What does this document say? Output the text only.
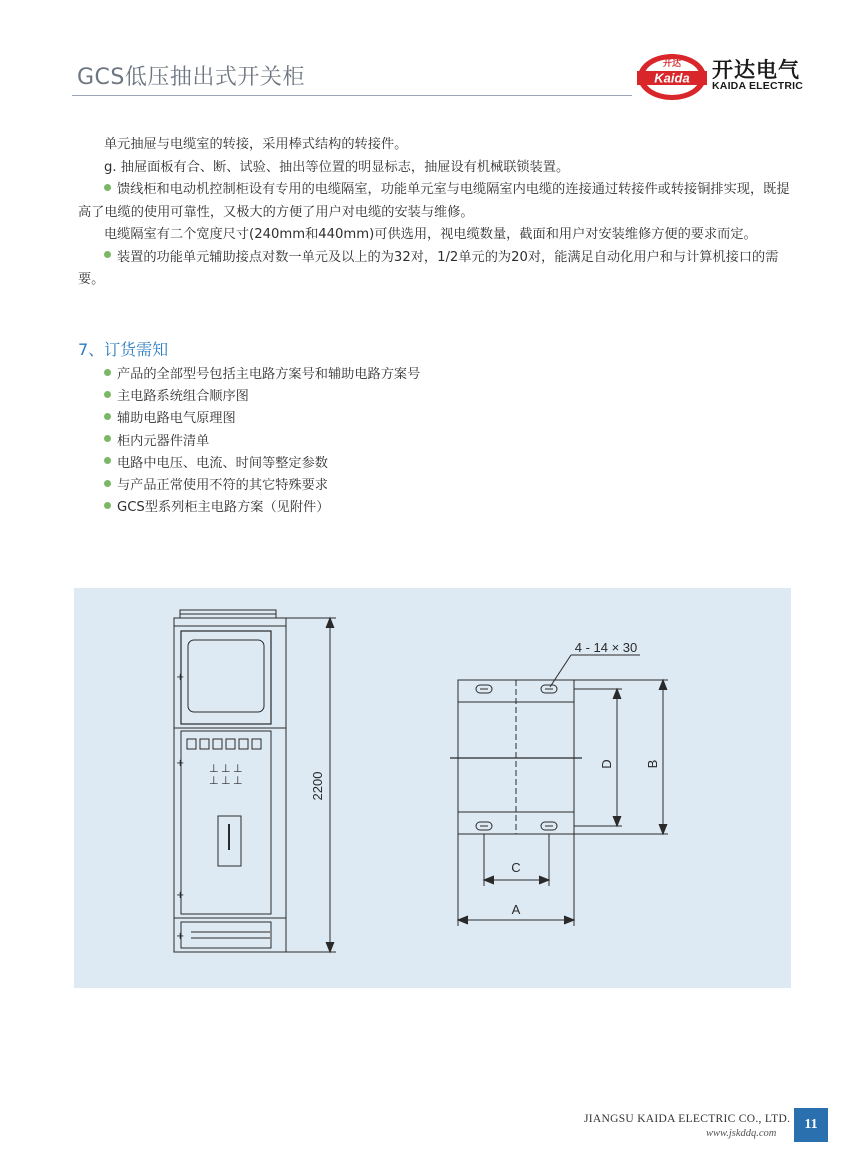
GCS低压抽出式开关柜	Kaida
开达 开达电气
KAIDA ELECTRIC

单元抽屉与电缆室的转接，采用棒式结构的转接件。

g. 抽屉面板有合、断、试验、抽出等位置的明显标志，抽屉设有机械联锁装置。

馈线柜和电动机控制柜设有专用的电缆隔室，功能单元室与电缆隔室内电缆的连接通过转接件或转接铜排实现，既提高了电缆的使用可靠性，又极大的方便了用户对电缆的安装与维修。

电缆隔室有二个宽度尺寸(240mm和440mm)可供选用，视电缆数量，截面和用户对安装维修方便的要求而定。

装置的功能单元辅助接点对数一单元及以上的为32对，1/2单元的为20对，能满足自动化用户和与计算机接口的需要。

7、订货需知
产品的全部型号包括主电路方案号和辅助电路方案号
主电路系统组合顺序图
辅助电路电气原理图
柜内元器件清单
电路中电压、电流、时间等整定参数
与产品正常使用不符的其它特殊要求
GCS型系列柜主电路方案（见附件）
⊥ ⊥ ⊥
⊥ ⊥ ⊥
+
+
+
+
2200
4 - 14 × 30
D B
C
A
JIANGSU KAIDA ELECTRIC CO., LTD.
www.jskddq.com
11
